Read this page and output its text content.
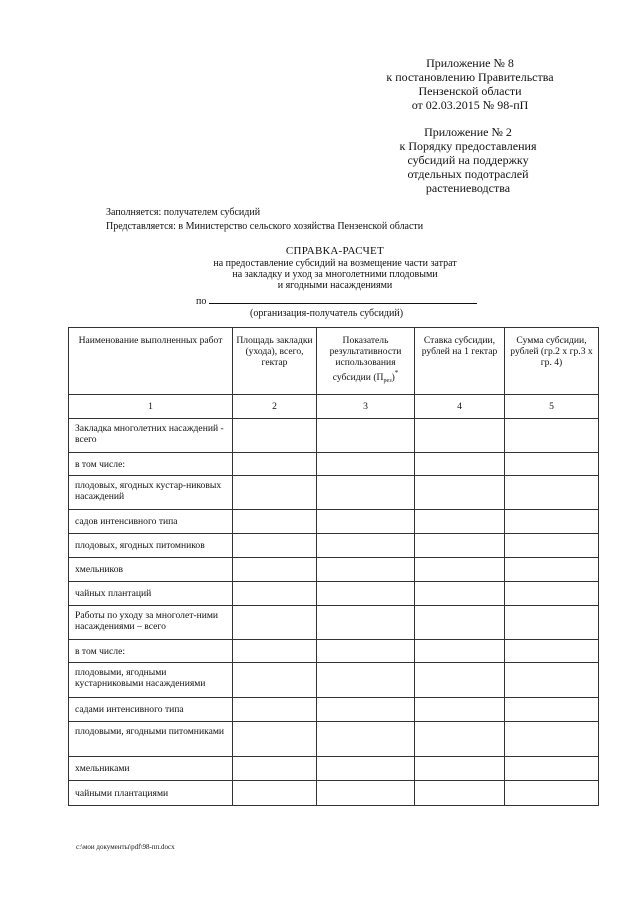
Приложение № 8
к постановлению Правительства
Пензенской области
от 02.03.2015 № 98-пП
Приложение № 2
к Порядку предоставления
субсидий на поддержку
отдельных подотраслей
растениеводства
Заполняется: получателем субсидий
Представляется: в Министерство сельского хозяйства Пензенской области
СПРАВКА-РАСЧЕТ
на предоставление субсидий на возмещение части затрат
на закладку и уход за многолетними плодовыми
и ягодными насаждениями
по
(организация-получатель субсидий)
Наименование выполненных работ	Площадь закладки (ухода), всего, гектар	Показатель результативности использования субсидии $(П_{рез})^*$	Ставка субсидии, рублей на 1 гектар	Сумма субсидии, рублей (гр.2 х гр.3 х гр. 4)
1	2	3	4	5
Закладка многолетних насаждений - всего				
в том числе:				
плодовых, ягодных кустар-никовых насаждений				
садов интенсивного типа				
плодовых, ягодных питомников				
хмельников				
чайных плантаций				
Работы по уходу за многолет-ними насаждениями – всего				
в том числе:				
плодовыми, ягодными кустарниковыми насаждениями				
садами интенсивного типа				
плодовыми, ягодными питомниками				
хмельниками				
чайными плантациями				
c:\мои документы\pdf\98-пп.docx
